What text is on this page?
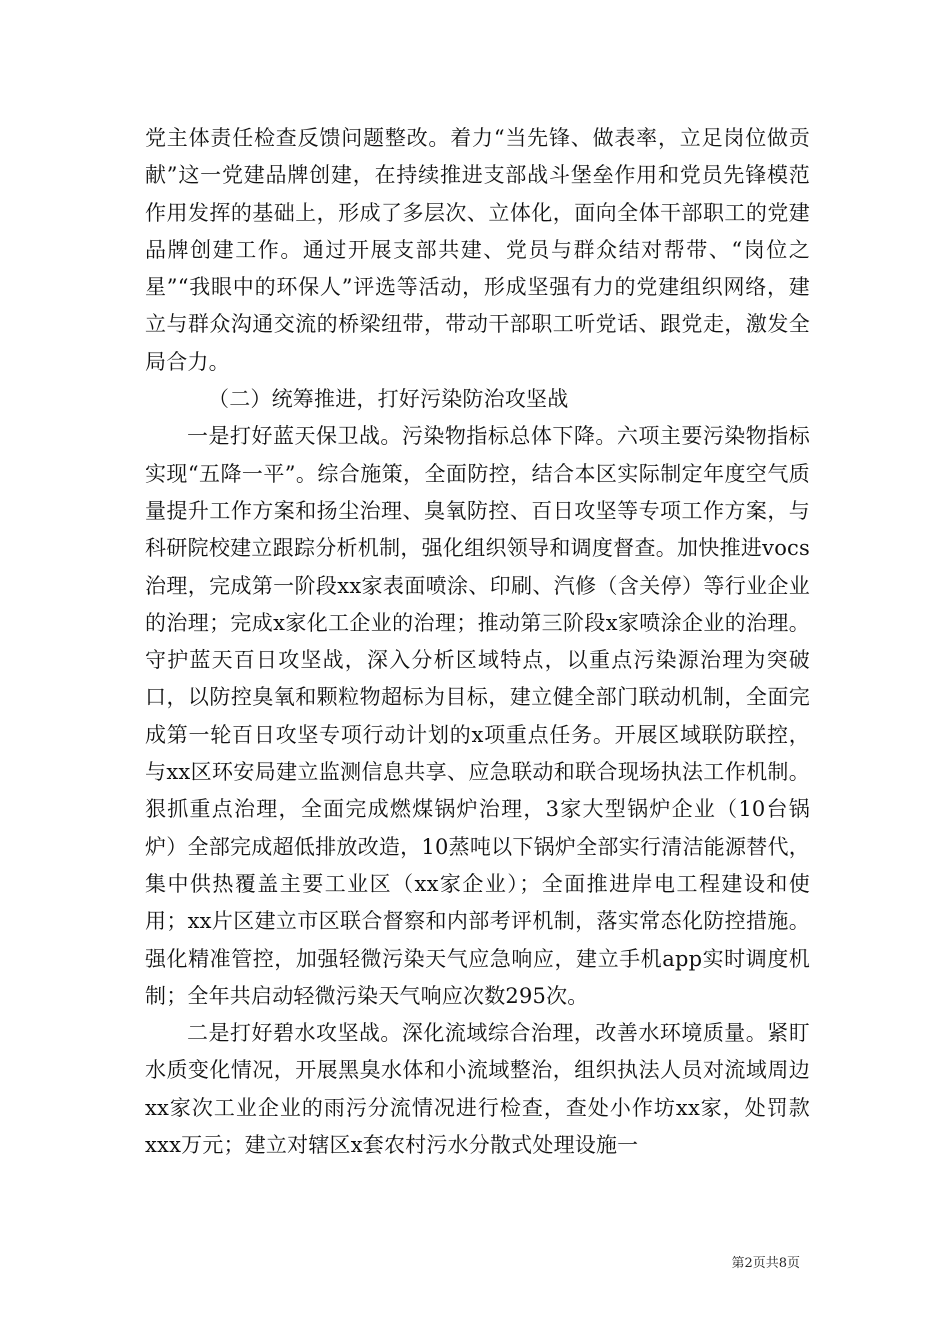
党主体责任检查反馈问题整改。着力“当先锋、做表率，立足岗位做贡献”这一党建品牌创建，在持续推进支部战斗堡垒作用和党员先锋模范作用发挥的基础上，形成了多层次、立体化，面向全体干部职工的党建品牌创建工作。通过开展支部共建、党员与群众结对帮带、“岗位之星”“我眼中的环保人”评选等活动，形成坚强有力的党建组织网络，建立与群众沟通交流的桥梁纽带，带动干部职工听党话、跟党走，激发全局合力。

（二）统筹推进，打好污染防治攻坚战

一是打好蓝天保卫战。污染物指标总体下降。六项主要污染物指标实现“五降一平”。综合施策，全面防控，结合本区实际制定年度空气质量提升工作方案和扬尘治理、臭氧防控、百日攻坚等专项工作方案，与科研院校建立跟踪分析机制，强化组织领导和调度督查。加快推进vocs治理，完成第一阶段xx家表面喷涂、印刷、汽修（含关停）等行业企业的治理；完成x家化工企业的治理；推动第三阶段x家喷涂企业的治理。守护蓝天百日攻坚战，深入分析区域特点，以重点污染源治理为突破口，以防控臭氧和颗粒物超标为目标，建立健全部门联动机制，全面完成第一轮百日攻坚专项行动计划的x项重点任务。开展区域联防联控，与xx区环安局建立监测信息共享、应急联动和联合现场执法工作机制。狠抓重点治理，全面完成燃煤锅炉治理，3家大型锅炉企业（10台锅炉）全部完成超低排放改造，10蒸吨以下锅炉全部实行清洁能源替代，集中供热覆盖主要工业区（xx家企业）；全面推进岸电工程建设和使用；xx片区建立市区联合督察和内部考评机制，落实常态化防控措施。强化精准管控，加强轻微污染天气应急响应，建立手机app实时调度机制；全年共启动轻微污染天气响应次数295次。

二是打好碧水攻坚战。深化流域综合治理，改善水环境质量。紧盯水质变化情况，开展黑臭水体和小流域整治，组织执法人员对流域周边xx家次工业企业的雨污分流情况进行检查，查处小作坊xx家，处罚款xxx万元；建立对辖区x套农村污水分散式处理设施一

第2页共8页
